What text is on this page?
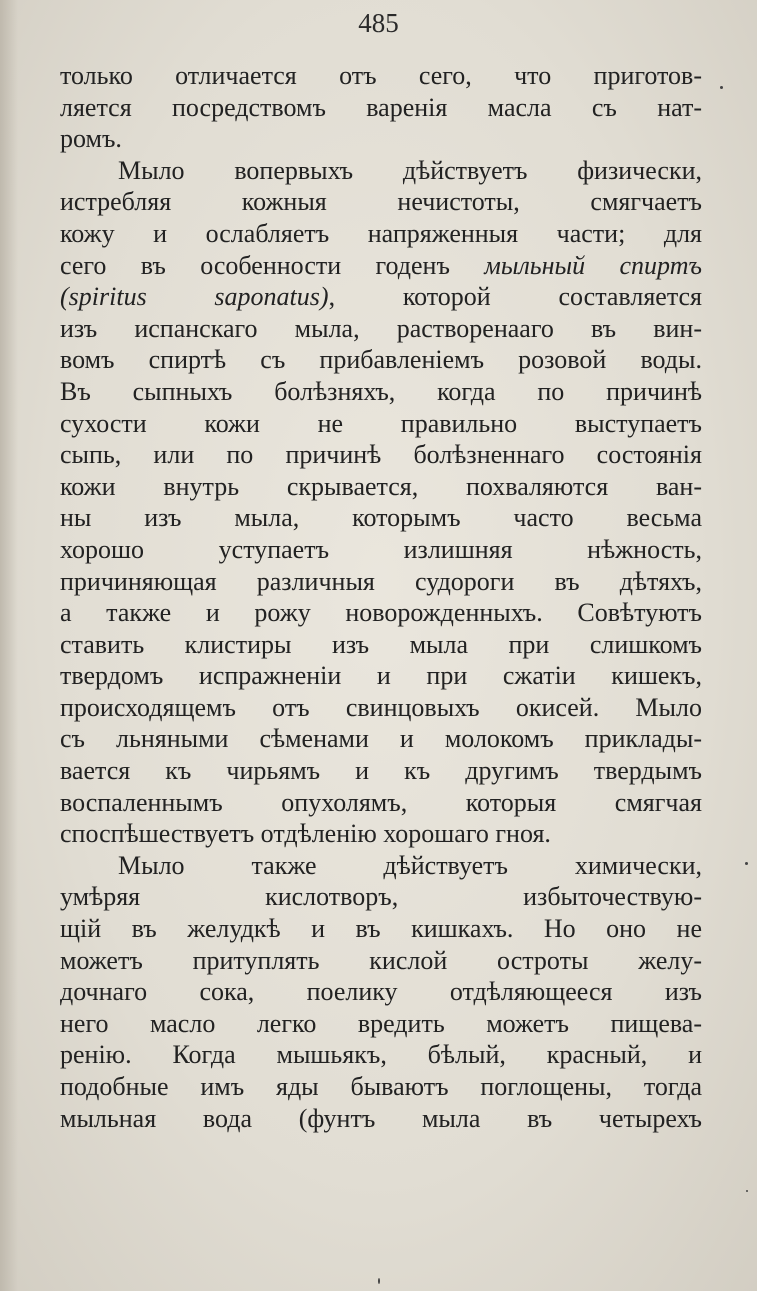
485
только отличается отъ сего, что приготов-
ляется посредствомъ варенія масла съ нат-
ромъ.
Мыло вопервыхъ дѣйствуетъ физически,
истребляя кожныя нечистоты, смягчаетъ
кожу и ослабляетъ напряженныя части; для
сего въ особенности годенъ мыльный спиртъ
(spiritus saponatus), которой составляется
изъ испанскаго мыла, растворенааго въ вин-
вомъ спиртѣ съ прибавленіемъ розовой воды.
Въ сыпныхъ болѣзняхъ, когда по причинѣ
сухости кожи не правильно выступаетъ
сыпь, или по причинѣ болѣзненнаго состоянія
кожи внутрь скрывается, похваляются ван-
ны изъ мыла, которымъ часто весьма
хорошо уступаетъ излишняя нѣжность,
причиняющая различныя судороги въ дѣтяхъ,
а также и рожу новорожденныхъ. Совѣтуютъ
ставить клистиры изъ мыла при слишкомъ
твердомъ испражненіи и при сжатіи кишекъ,
происходящемъ отъ свинцовыхъ окисей. Мыло
съ льняными сѣменами и молокомъ приклады-
вается къ чирьямъ и къ другимъ твердымъ
воспаленнымъ опухолямъ, которыя смягчая
споспѣшествуетъ отдѣленію хорошаго гноя.
Мыло также дѣйствуетъ химически,
умѣряя кислотворъ, избыточествую-
щій въ желудкѣ и въ кишкахъ. Но оно не
можетъ притуплять кислой остроты желу-
дочнаго сока, поелику отдѣляющееся изъ
него масло легко вредить можетъ пищева-
ренію. Когда мышьякъ, бѣлый, красный, и
подобные имъ яды бываютъ поглощены, тогда
мыльная вода (фунтъ мыла въ четырехъ
